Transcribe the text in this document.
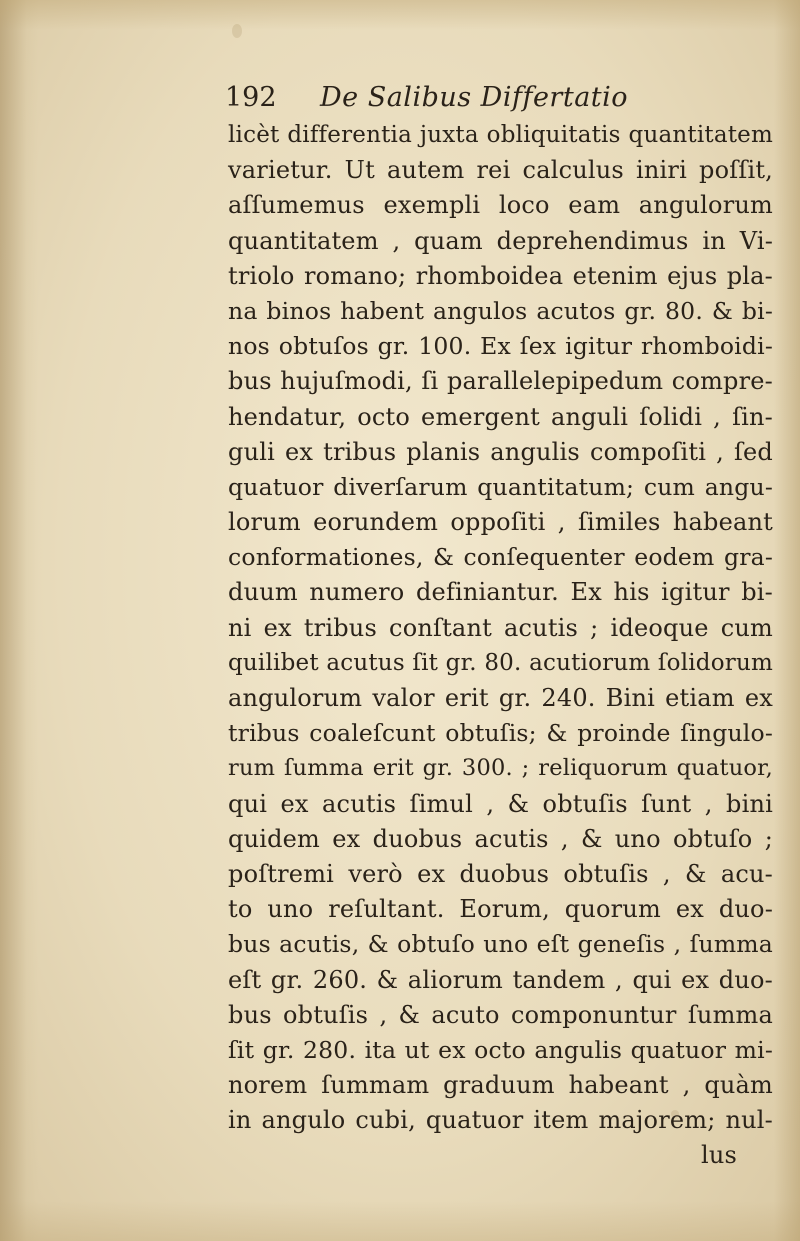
192 De Salibus Differtatio
licèt differentia juxta obliquitatis quantitatem
varietur. Ut autem rei calculus iniri poſſit,
aſſumemus exempli loco eam angulorum
quantitatem , quam deprehendimus in Vi-
triolo romano; rhomboidea etenim ejus pla-
na binos habent angulos acutos gr. 80. & bi-
nos obtuſos gr. 100. Ex ſex igitur rhomboidi-
bus hujuſmodi, ſi parallelepipedum compre-
hendatur, octo emergent anguli ſolidi , ſin-
guli ex tribus planis angulis compoſiti , ſed
quatuor diverſarum quantitatum; cum angu-
lorum eorundem oppoſiti , ſimiles habeant
conformationes, & conſequenter eodem gra-
duum numero definiantur. Ex his igitur bi-
ni ex tribus conſtant acutis ; ideoque cum
quilibet acutus ſit gr. 80. acutiorum ſolidorum
angulorum valor erit gr. 240. Bini etiam ex
tribus coaleſcunt obtuſis; & proinde ſingulo-
rum ſumma erit gr. 300. ; reliquorum quatuor,
qui ex acutis ſimul , & obtuſis ſunt , bini
quidem ex duobus acutis , & uno obtuſo ;
poſtremi verò ex duobus obtuſis , & acu-
to uno reſultant. Eorum, quorum ex duo-
bus acutis, & obtuſo uno eſt geneſis , ſumma
eſt gr. 260. & aliorum tandem , qui ex duo-
bus obtuſis , & acuto componuntur ſumma
ſit gr. 280. ita ut ex octo angulis quatuor mi-
norem ſummam graduum habeant , quàm
in angulo cubi, quatuor item majorem; nul-
lus
